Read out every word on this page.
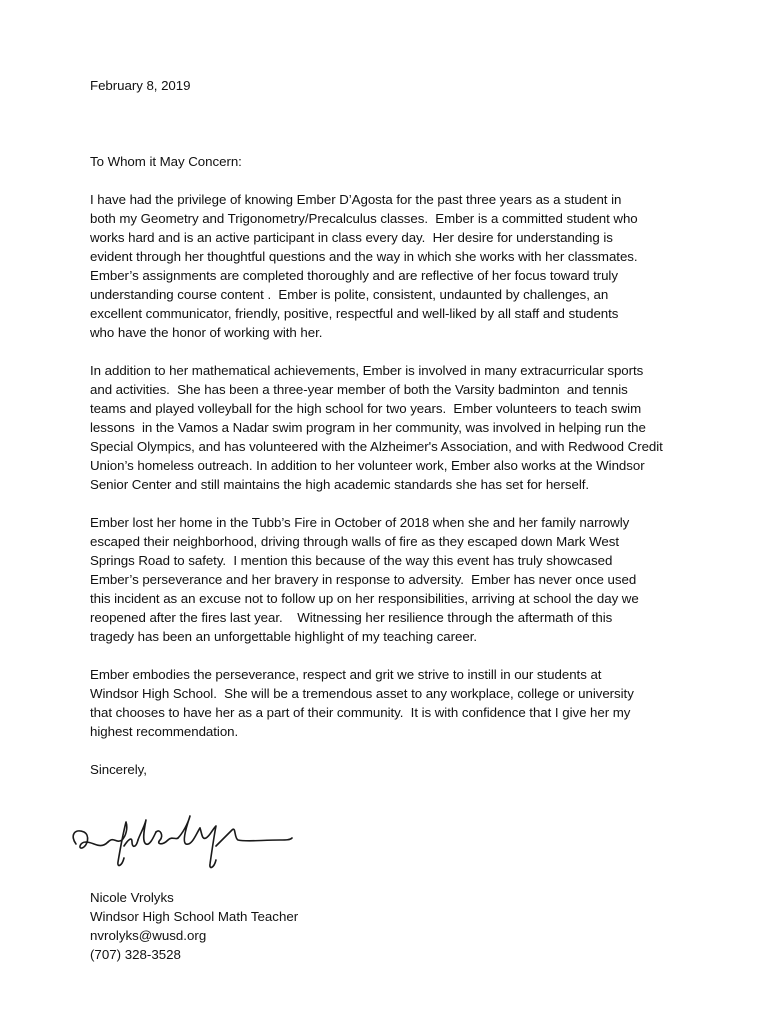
February 8, 2019
To Whom it May Concern:
I have had the privilege of knowing Ember D’Agosta for the past three years as a student in
both my Geometry and Trigonometry/Precalculus classes.  Ember is a committed student who
works hard and is an active participant in class every day.  Her desire for understanding is
evident through her thoughtful questions and the way in which she works with her classmates.
Ember’s assignments are completed thoroughly and are reflective of her focus toward truly
understanding course content .  Ember is polite, consistent, undaunted by challenges, an
excellent communicator, friendly, positive, respectful and well-liked by all staff and students
who have the honor of working with her.
In addition to her mathematical achievements, Ember is involved in many extracurricular sports
and activities.  She has been a three-year member of both the Varsity badminton  and tennis
teams and played volleyball for the high school for two years.  Ember volunteers to teach swim
lessons  in the Vamos a Nadar swim program in her community, was involved in helping run the
Special Olympics, and has volunteered with the Alzheimer's Association, and with Redwood Credit
Union’s homeless outreach. In addition to her volunteer work, Ember also works at the Windsor
Senior Center and still maintains the high academic standards she has set for herself.
Ember lost her home in the Tubb’s Fire in October of 2018 when she and her family narrowly
escaped their neighborhood, driving through walls of fire as they escaped down Mark West
Springs Road to safety.  I mention this because of the way this event has truly showcased
Ember’s perseverance and her bravery in response to adversity.  Ember has never once used
this incident as an excuse not to follow up on her responsibilities, arriving at school the day we
reopened after the fires last year.    Witnessing her resilience through the aftermath of this
tragedy has been an unforgettable highlight of my teaching career.
Ember embodies the perseverance, respect and grit we strive to instill in our students at
Windsor High School.  She will be a tremendous asset to any workplace, college or university
that chooses to have her as a part of their community.  It is with confidence that I give her my
highest recommendation.
Sincerely,
Nicole Vrolyks
Windsor High School Math Teacher
nvrolyks@wusd.org
(707) 328-3528
